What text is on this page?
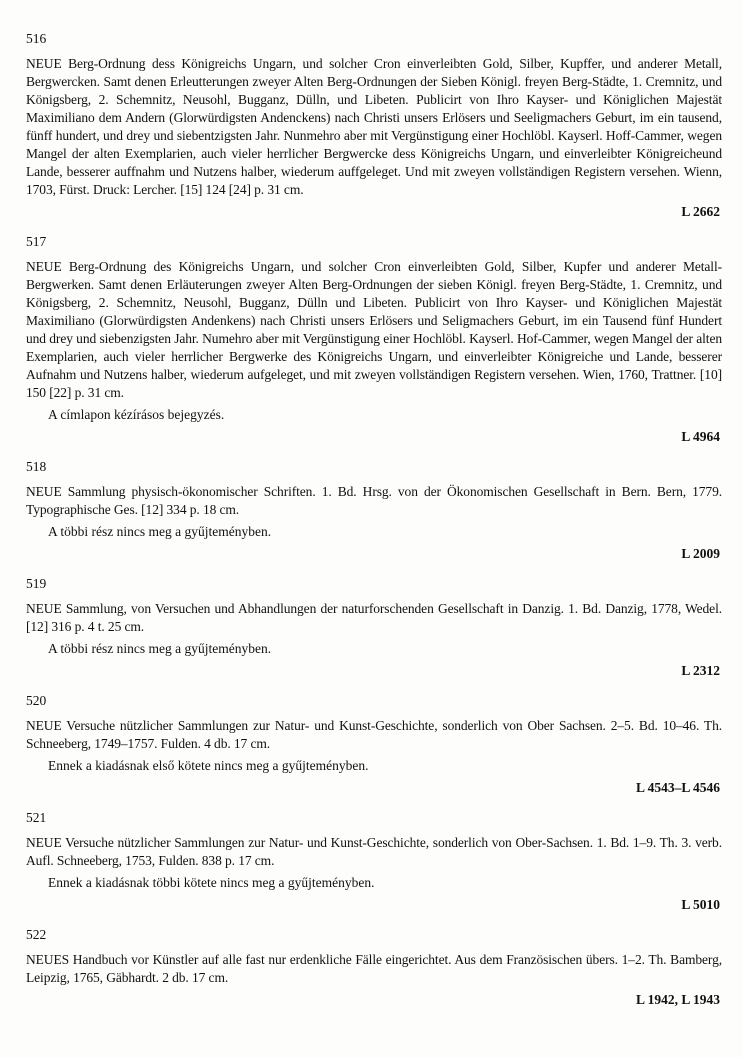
516
NEUE Berg-Ordnung dess Königreichs Ungarn, und solcher Cron einverleibten Gold, Silber, Kupffer, und anderer Metall, Bergwercken. Samt denen Erleutterungen zweyer Alten Berg-Ordnungen der Sieben Königl. freyen Berg-Städte, 1. Cremnitz, und Königsberg, 2. Schemnitz, Neusohl, Bugganz, Dülln, und Libeten. Publicirt von Ihro Kayser- und Königlichen Majestät Maximiliano dem Andern (Glorwürdigsten Andenckens) nach Christi unsers Erlösers und Seeligmachers Geburt, im ein tausend, fünff hundert, und drey und siebentzigsten Jahr. Nunmehro aber mit Vergünstigung einer Hochlöbl. Kayserl. Hoff-Cammer, wegen Mangel der alten Exemplarien, auch vieler herrlicher Bergwercke dess Königreichs Ungarn, und einverleibter Königreicheund Lande, besserer auffnahm und Nutzens halber, wiederum auffgeleget. Und mit zweyen vollständigen Registern versehen. Wienn, 1703, Fürst. Druck: Lercher. [15] 124 [24] p. 31 cm.
L 2662
517
NEUE Berg-Ordnung des Königreichs Ungarn, und solcher Cron einverleibten Gold, Silber, Kupfer und anderer Metall-Bergwerken. Samt denen Erläuterungen zweyer Alten Berg-Ordnungen der sieben Königl. freyen Berg-Städte, 1. Cremnitz, und Königsberg, 2. Schemnitz, Neusohl, Bugganz, Dülln und Libeten. Publicirt von Ihro Kayser- und Königlichen Majestät Maximiliano (Glorwürdigsten Andenkens) nach Christi unsers Erlösers und Seligmachers Geburt, im ein Tausend fünf Hundert und drey und siebenzigsten Jahr. Numehro aber mit Vergünstigung einer Hochlöbl. Kayserl. Hof-Cammer, wegen Mangel der alten Exemplarien, auch vieler herrlicher Bergwerke des Königreichs Ungarn, und einverleibter Königreiche und Lande, besserer Aufnahm und Nutzens halber, wiederum aufgeleget, und mit zweyen vollständigen Registern versehen. Wien, 1760, Trattner. [10] 150 [22] p. 31 cm.
A címlapon kézírásos bejegyzés.
L 4964
518
NEUE Sammlung physisch-ökonomischer Schriften. 1. Bd. Hrsg. von der Ökonomischen Gesellschaft in Bern. Bern, 1779. Typographische Ges. [12] 334 p. 18 cm.
A többi rész nincs meg a gyűjteményben.
L 2009
519
NEUE Sammlung, von Versuchen und Abhandlungen der naturforschenden Gesellschaft in Danzig. 1. Bd. Danzig, 1778, Wedel. [12] 316 p. 4 t. 25 cm.
A többi rész nincs meg a gyűjteményben.
L 2312
520
NEUE Versuche nützlicher Sammlungen zur Natur- und Kunst-Geschichte, sonderlich von Ober Sachsen. 2–5. Bd. 10–46. Th. Schneeberg, 1749–1757. Fulden. 4 db. 17 cm.
Ennek a kiadásnak első kötete nincs meg a gyűjteményben.
L 4543–L 4546
521
NEUE Versuche nützlicher Sammlungen zur Natur- und Kunst-Geschichte, sonderlich von Ober-Sachsen. 1. Bd. 1–9. Th. 3. verb. Aufl. Schneeberg, 1753, Fulden. 838 p. 17 cm.
Ennek a kiadásnak többi kötete nincs meg a gyűjteményben.
L 5010
522
NEUES Handbuch vor Künstler auf alle fast nur erdenkliche Fälle eingerichtet. Aus dem Französischen übers. 1–2. Th. Bamberg, Leipzig, 1765, Gäbhardt. 2 db. 17 cm.
L 1942, L 1943
